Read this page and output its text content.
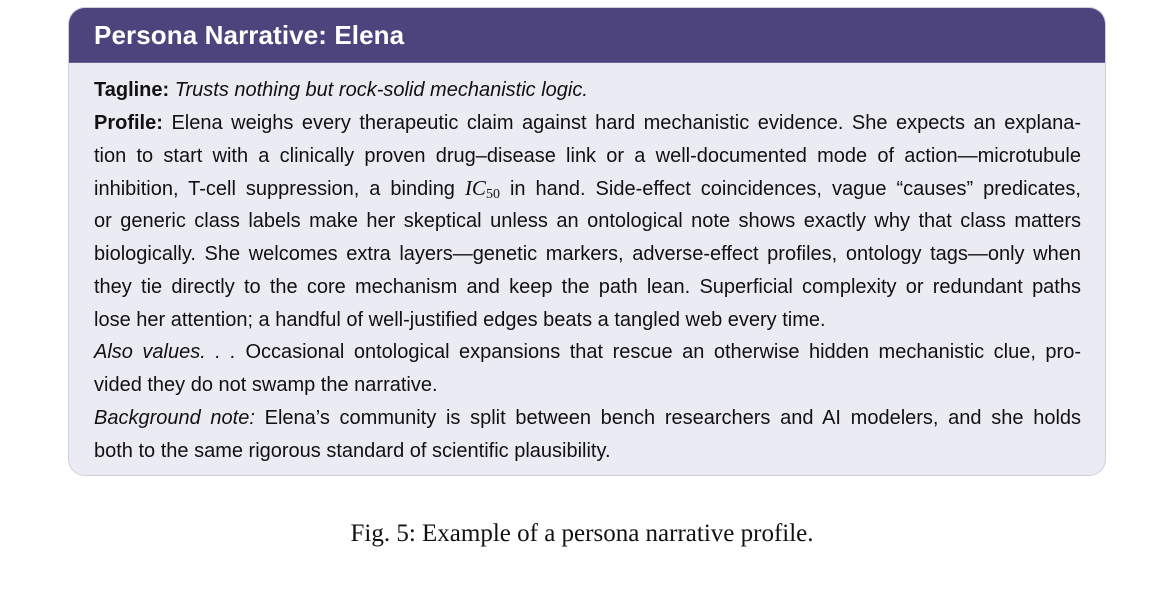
Persona Narrative: Elena
Tagline: Trusts nothing but rock-solid mechanistic logic.
Profile: Elena weighs every therapeutic claim against hard mechanistic evidence. She expects an explana-
tion to start with a clinically proven drug–disease link or a well-documented mode of action—microtubule
inhibition, T-cell suppression, a binding $IC_{50}$ in hand. Side-effect coincidences, vague “causes” predicates,
or generic class labels make her skeptical unless an ontological note shows exactly why that class matters
biologically. She welcomes extra layers—genetic markers, adverse-effect profiles, ontology tags—only when
they tie directly to the core mechanism and keep the path lean. Superficial complexity or redundant paths
lose her attention; a handful of well-justified edges beats a tangled web every time.
Also values. . . Occasional ontological expansions that rescue an otherwise hidden mechanistic clue, pro-
vided they do not swamp the narrative.
Background note: Elena’s community is split between bench researchers and AI modelers, and she holds
both to the same rigorous standard of scientific plausibility.
Fig. 5: Example of a persona narrative profile.
